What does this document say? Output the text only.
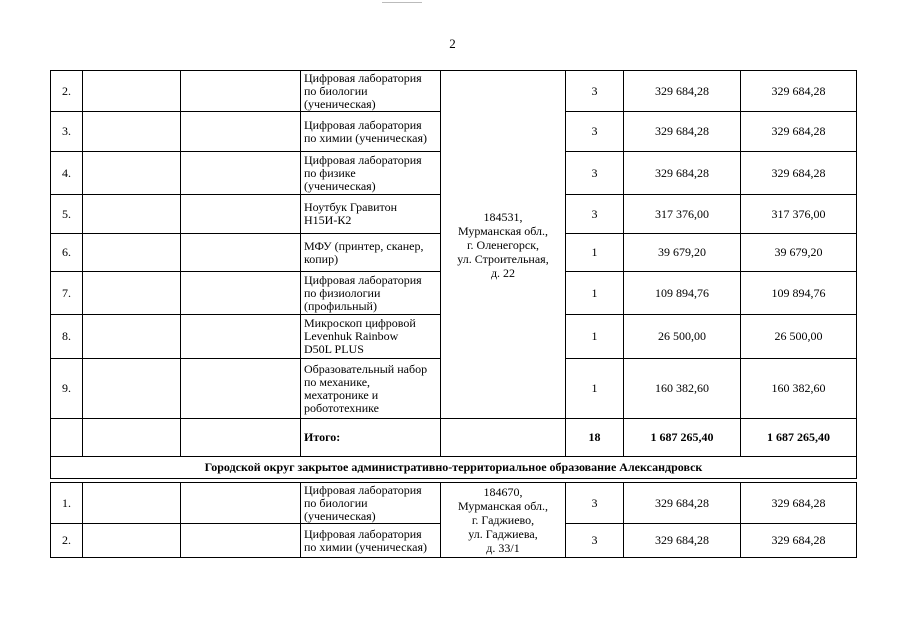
2
2.			Цифровая лаборатория
по биологии
(ученическая)	184531,
Мурманская обл.,
г. Оленегорск,
ул. Строительная,
д. 22	3	329 684,28	329 684,28
3.			Цифровая лаборатория
по химии (ученическая)		3	329 684,28	329 684,28
4.			Цифровая лаборатория
по физике
(ученическая)		3	329 684,28	329 684,28
5.			Ноутбук Гравитон
Н15И-К2		3	317 376,00	317 376,00
6.			МФУ (принтер, сканер,
копир)		1	39 679,20	39 679,20
7.			Цифровая лаборатория
по физиологии
(профильный)		1	109 894,76	109 894,76
8.			Микроскоп цифровой
Levenhuk Rainbow
D50L PLUS		1	26 500,00	26 500,00
9.			Образовательный набор
по механике,
мехатронике и
робототехнике		1	160 382,60	160 382,60
			Итого:		18	1 687 265,40	1 687 265,40
Городской округ закрытое административно-территориальное образование Александровск							

1.			Цифровая лаборатория
по биологии
(ученическая)	184670,
Мурманская обл.,
г. Гаджиево,
ул. Гаджиева,
д. 33/1	3	329 684,28	329 684,28
2.			Цифровая лаборатория
по химии (ученическая)		3	329 684,28	329 684,28
